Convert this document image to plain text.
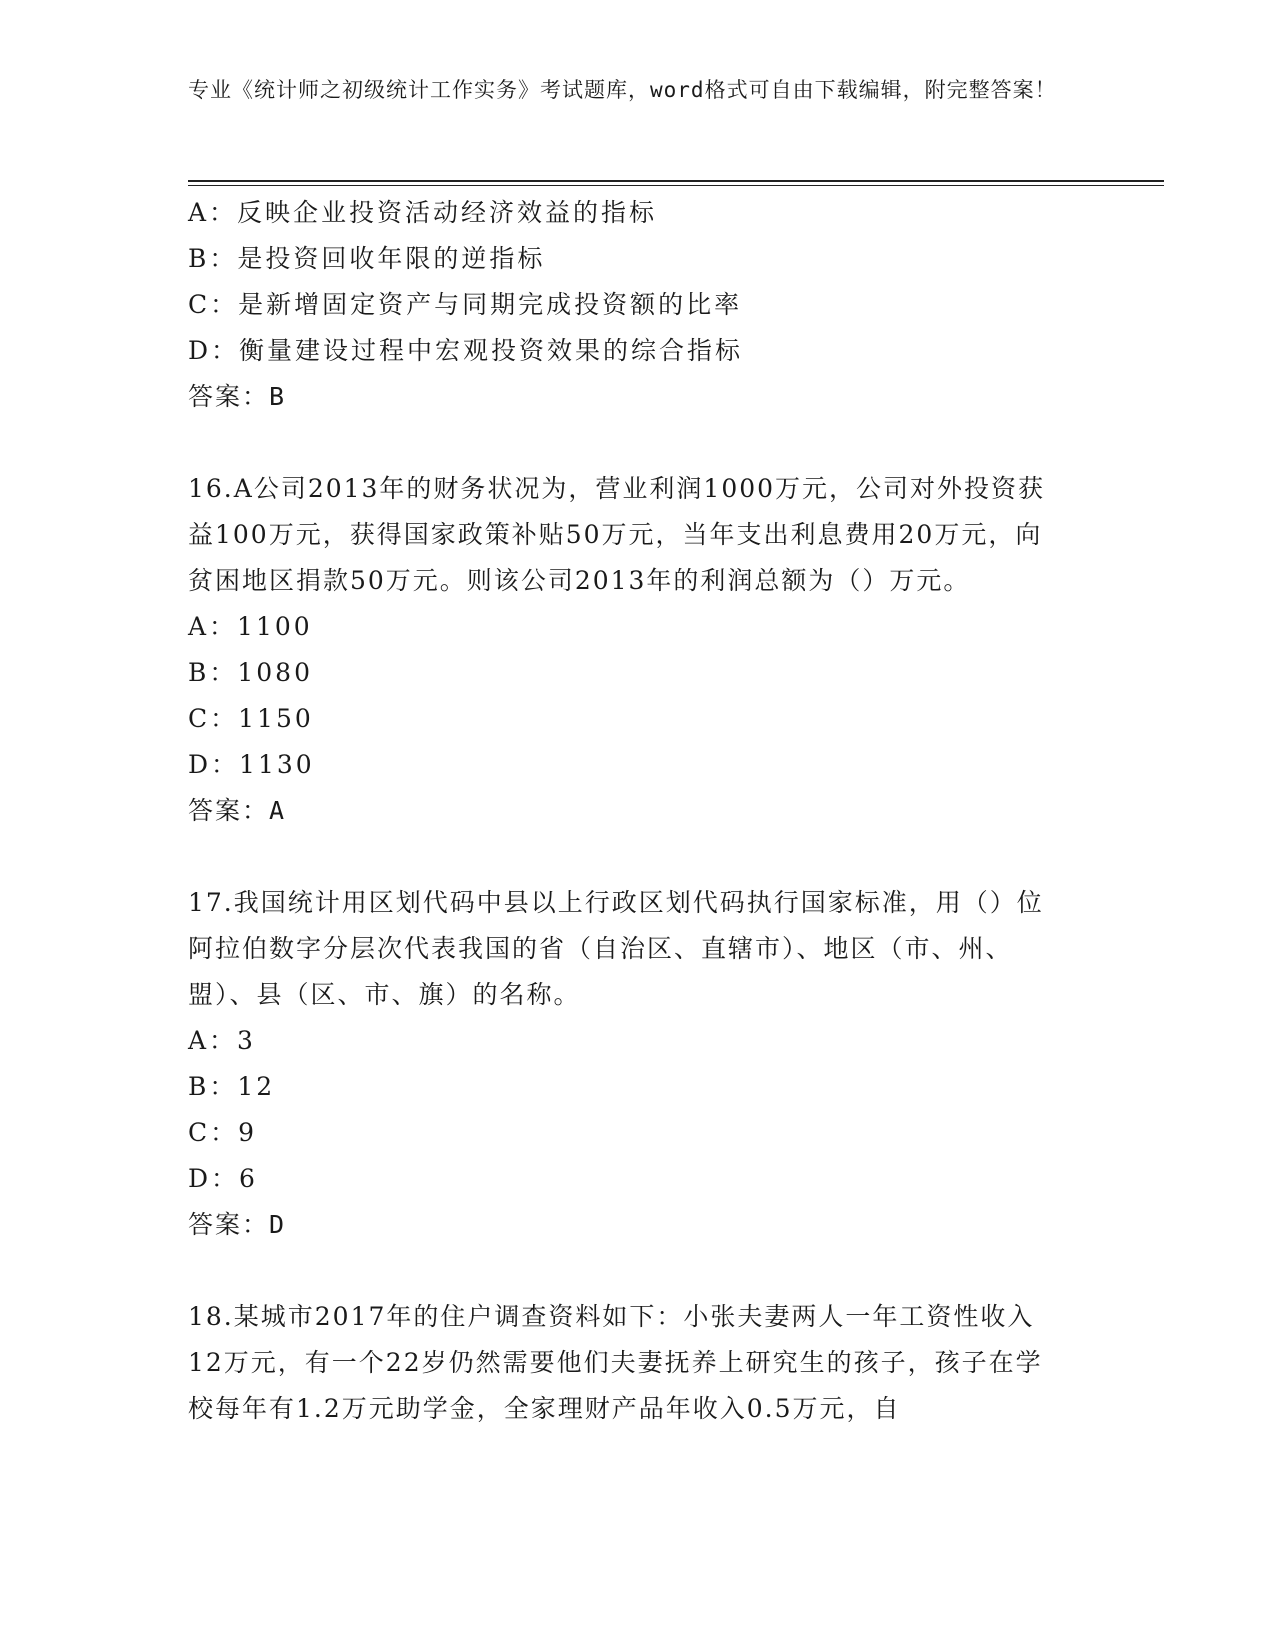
专业《统计师之初级统计工作实务》考试题库，word格式可自由下载编辑，附完整答案！
A：反映企业投资活动经济效益的指标
B：是投资回收年限的逆指标
C：是新增固定资产与同期完成投资额的比率
D：衡量建设过程中宏观投资效果的综合指标
答案：B
16.A公司2013年的财务状况为，营业利润1000万元，公司对外投资获益100万元，获得国家政策补贴50万元，当年支出利息费用20万元，向贫困地区捐款50万元。则该公司2013年的利润总额为（）万元。
A：1100
B：1080
C：1150
D：1130
答案：A
17.我国统计用区划代码中县以上行政区划代码执行国家标准，用（）位阿拉伯数字分层次代表我国的省（自治区、直辖市）、地区（市、州、盟）、县（区、市、旗）的名称。
A：3
B：12
C：9
D：6
答案：D
18.某城市2017年的住户调查资料如下：小张夫妻两人一年工资性收入12万元，有一个22岁仍然需要他们夫妻抚养上研究生的孩子，孩子在学校每年有1.2万元助学金，全家理财产品年收入0.5万元，自
